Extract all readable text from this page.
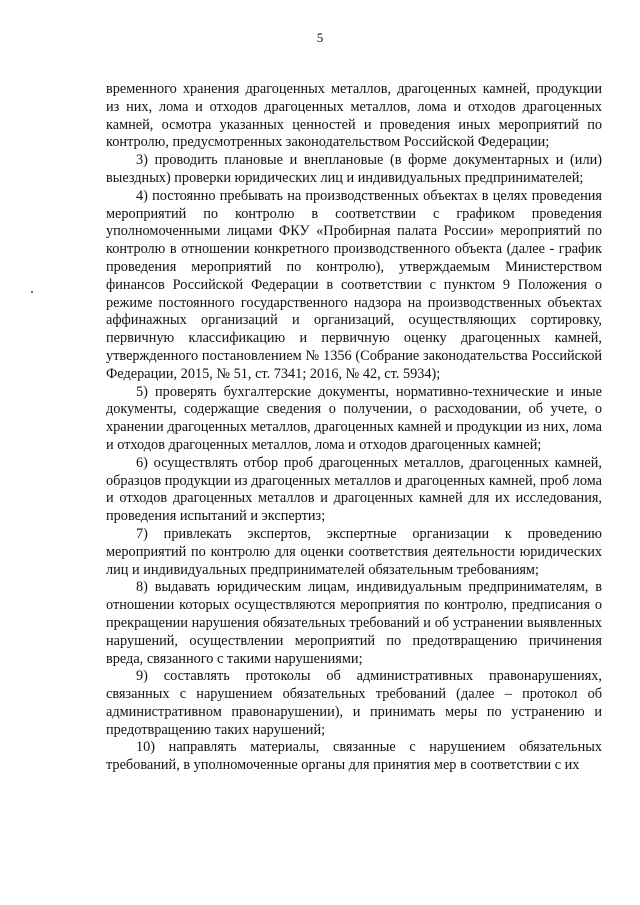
5

временного хранения драгоценных металлов, драгоценных камней, продукции из них, лома и отходов драгоценных металлов, лома и отходов драгоценных камней, осмотра указанных ценностей и проведения иных мероприятий по контролю, предусмотренных законодательством Российской Федерации;

3) проводить плановые и внеплановые (в форме документарных и (или) выездных) проверки юридических лиц и индивидуальных предпринимателей;

4) постоянно пребывать на производственных объектах в целях проведения мероприятий по контролю в соответствии с графиком проведения уполномоченными лицами ФКУ «Пробирная палата России» мероприятий по контролю в отношении конкретного производственного объекта (далее - график проведения мероприятий по контролю), утверждаемым Министерством финансов Российской Федерации в соответствии с пунктом 9 Положения о режиме постоянного государственного надзора на производственных объектах аффинажных организаций и организаций, осуществляющих сортировку, первичную классификацию и первичную оценку драгоценных камней, утвержденного постановлением № 1356 (Собрание законодательства Российской Федерации, 2015, № 51, ст. 7341; 2016, № 42, ст. 5934);

5) проверять бухгалтерские документы, нормативно-технические и иные документы, содержащие сведения о получении, о расходовании, об учете, о хранении драгоценных металлов, драгоценных камней и продукции из них, лома и отходов драгоценных металлов, лома и отходов драгоценных камней;

6) осуществлять отбор проб драгоценных металлов, драгоценных камней, образцов продукции из драгоценных металлов и драгоценных камней, проб лома и отходов драгоценных металлов и драгоценных камней для их исследования, проведения испытаний и экспертиз;

7) привлекать экспертов, экспертные организации к проведению мероприятий по контролю для оценки соответствия деятельности юридических лиц и индивидуальных предпринимателей обязательным требованиям;

8) выдавать юридическим лицам, индивидуальным предпринимателям, в отношении которых осуществляются мероприятия по контролю, предписания о прекращении нарушения обязательных требований и об устранении выявленных нарушений, осуществлении мероприятий по предотвращению причинения вреда, связанного с такими нарушениями;

9) составлять протоколы об административных правонарушениях, связанных с нарушением обязательных требований (далее – протокол об административном правонарушении), и принимать меры по устранению и предотвращению таких нарушений;

10) направлять материалы, связанные с нарушением обязательных требований, в уполномоченные органы для принятия мер в соответствии с их
